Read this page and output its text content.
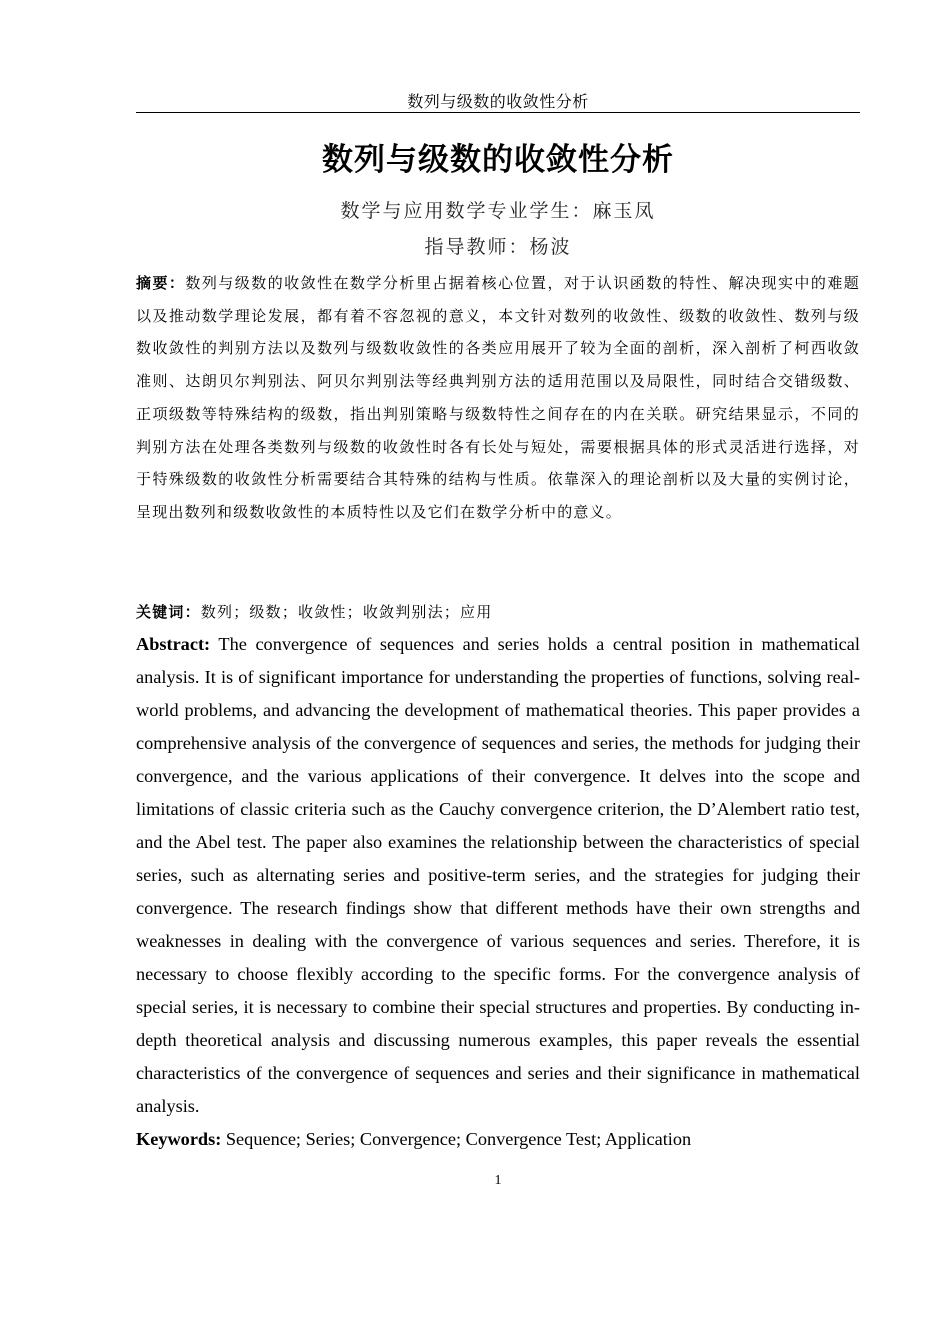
数列与级数的收敛性分析
数列与级数的收敛性分析
数学与应用数学专业学生：麻玉凤
指导教师：杨波
摘要：数列与级数的收敛性在数学分析里占据着核心位置，对于认识函数的特性、解决现实中的难题以及推动数学理论发展，都有着不容忽视的意义，本文针对数列的收敛性、级数的收敛性、数列与级数收敛性的判别方法以及数列与级数收敛性的各类应用展开了较为全面的剖析，深入剖析了柯西收敛准则、达朗贝尔判别法、阿贝尔判别法等经典判别方法的适用范围以及局限性，同时结合交错级数、正项级数等特殊结构的级数，指出判别策略与级数特性之间存在的内在关联。研究结果显示，不同的判别方法在处理各类数列与级数的收敛性时各有长处与短处，需要根据具体的形式灵活进行选择，对于特殊级数的收敛性分析需要结合其特殊的结构与性质。依靠深入的理论剖析以及大量的实例讨论，呈现出数列和级数收敛性的本质特性以及它们在数学分析中的意义。
关键词：数列；级数；收敛性；收敛判别法；应用
Abstract: The convergence of sequences and series holds a central position in mathematical analysis. It is of significant importance for understanding the properties of functions, solving real-world problems, and advancing the development of mathematical theories. This paper provides a comprehensive analysis of the convergence of sequences and series, the methods for judging their convergence, and the various applications of their convergence. It delves into the scope and limitations of classic criteria such as the Cauchy convergence criterion, the D’Alembert ratio test, and the Abel test. The paper also examines the relationship between the characteristics of special series, such as alternating series and positive-term series, and the strategies for judging their convergence. The research findings show that different methods have their own strengths and weaknesses in dealing with the convergence of various sequences and series. Therefore, it is necessary to choose flexibly according to the specific forms. For the convergence analysis of special series, it is necessary to combine their special structures and properties. By conducting in-depth theoretical analysis and discussing numerous examples, this paper reveals the essential characteristics of the convergence of sequences and series and their significance in mathematical analysis.
Keywords: Sequence; Series; Convergence; Convergence Test; Application
1
